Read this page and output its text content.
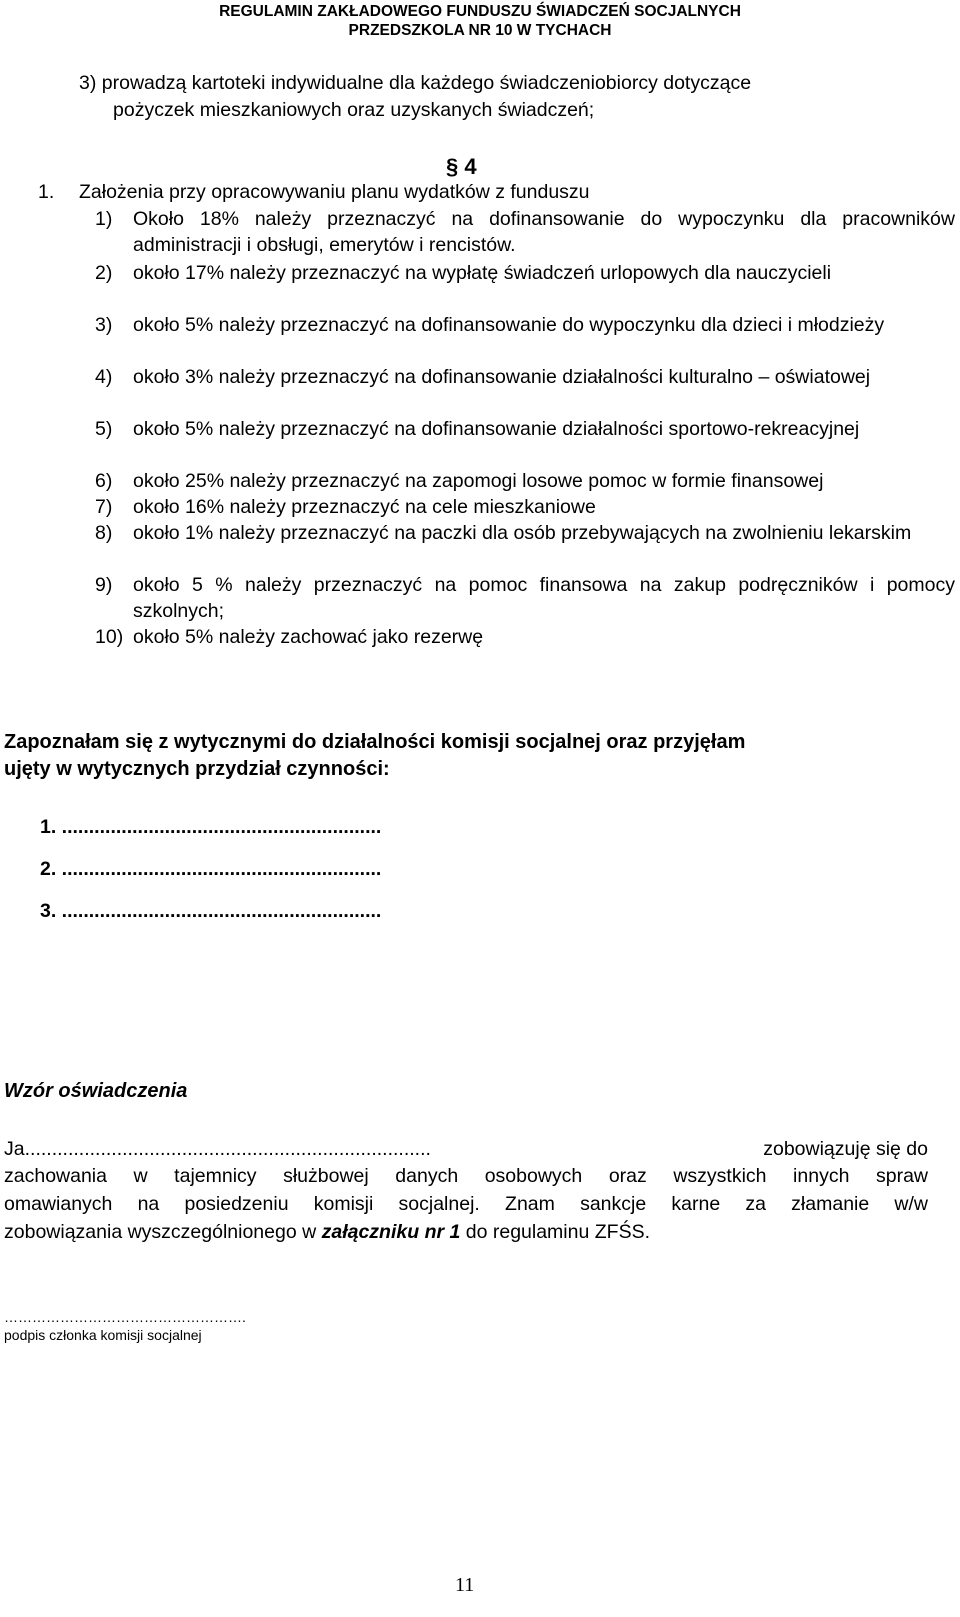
REGULAMIN ZAKŁADOWEGO FUNDUSZU ŚWIADCZEŃ SOCJALNYCH
PRZEDSZKOLA NR 10 W TYCHACH
3) prowadzą kartoteki indywidualne dla każdego świadczeniobiorcy dotyczące
pożyczek mieszkaniowych oraz uzyskanych świadczeń;
§ 4
1. Założenia przy opracowywaniu planu wydatków z funduszu
1) Około 18% należy przeznaczyć na dofinansowanie do wypoczynku dla pracowników administracji i obsługi, emerytów i rencistów.
2) około 17% należy przeznaczyć na wypłatę świadczeń urlopowych dla nauczycieli
3) około 5% należy przeznaczyć na dofinansowanie do wypoczynku dla dzieci i młodzieży
4) około 3% należy przeznaczyć na dofinansowanie działalności kulturalno – oświatowej
5) około 5% należy przeznaczyć na dofinansowanie działalności sportowo-rekreacyjnej
6) około 25% należy przeznaczyć na zapomogi losowe pomoc w formie finansowej
7) około 16% należy przeznaczyć na cele mieszkaniowe
8) około 1% należy przeznaczyć na paczki dla osób przebywających na zwolnieniu lekarskim
9) około 5 % należy przeznaczyć na pomoc finansowa na zakup podręczników i pomocy szkolnych;
10) około 5% należy zachować jako rezerwę
Zapoznałam się z wytycznymi do działalności komisji socjalnej oraz przyjęłam
ujęty w wytycznych przydział czynności:
1. ...........................................................
2. ...........................................................
3. ...........................................................
Wzór oświadczenia
Ja...........................................................................	zobowiązuję się do
zachowania w tajemnicy służbowej danych osobowych oraz wszystkich innych spraw
omawianych na posiedzeniu komisji socjalnej. Znam sankcje karne za złamanie w/w
zobowiązania wyszczególnionego w załączniku nr 1 do regulaminu ZFŚS.
…………………………………………….
podpis członka komisji socjalnej
11
